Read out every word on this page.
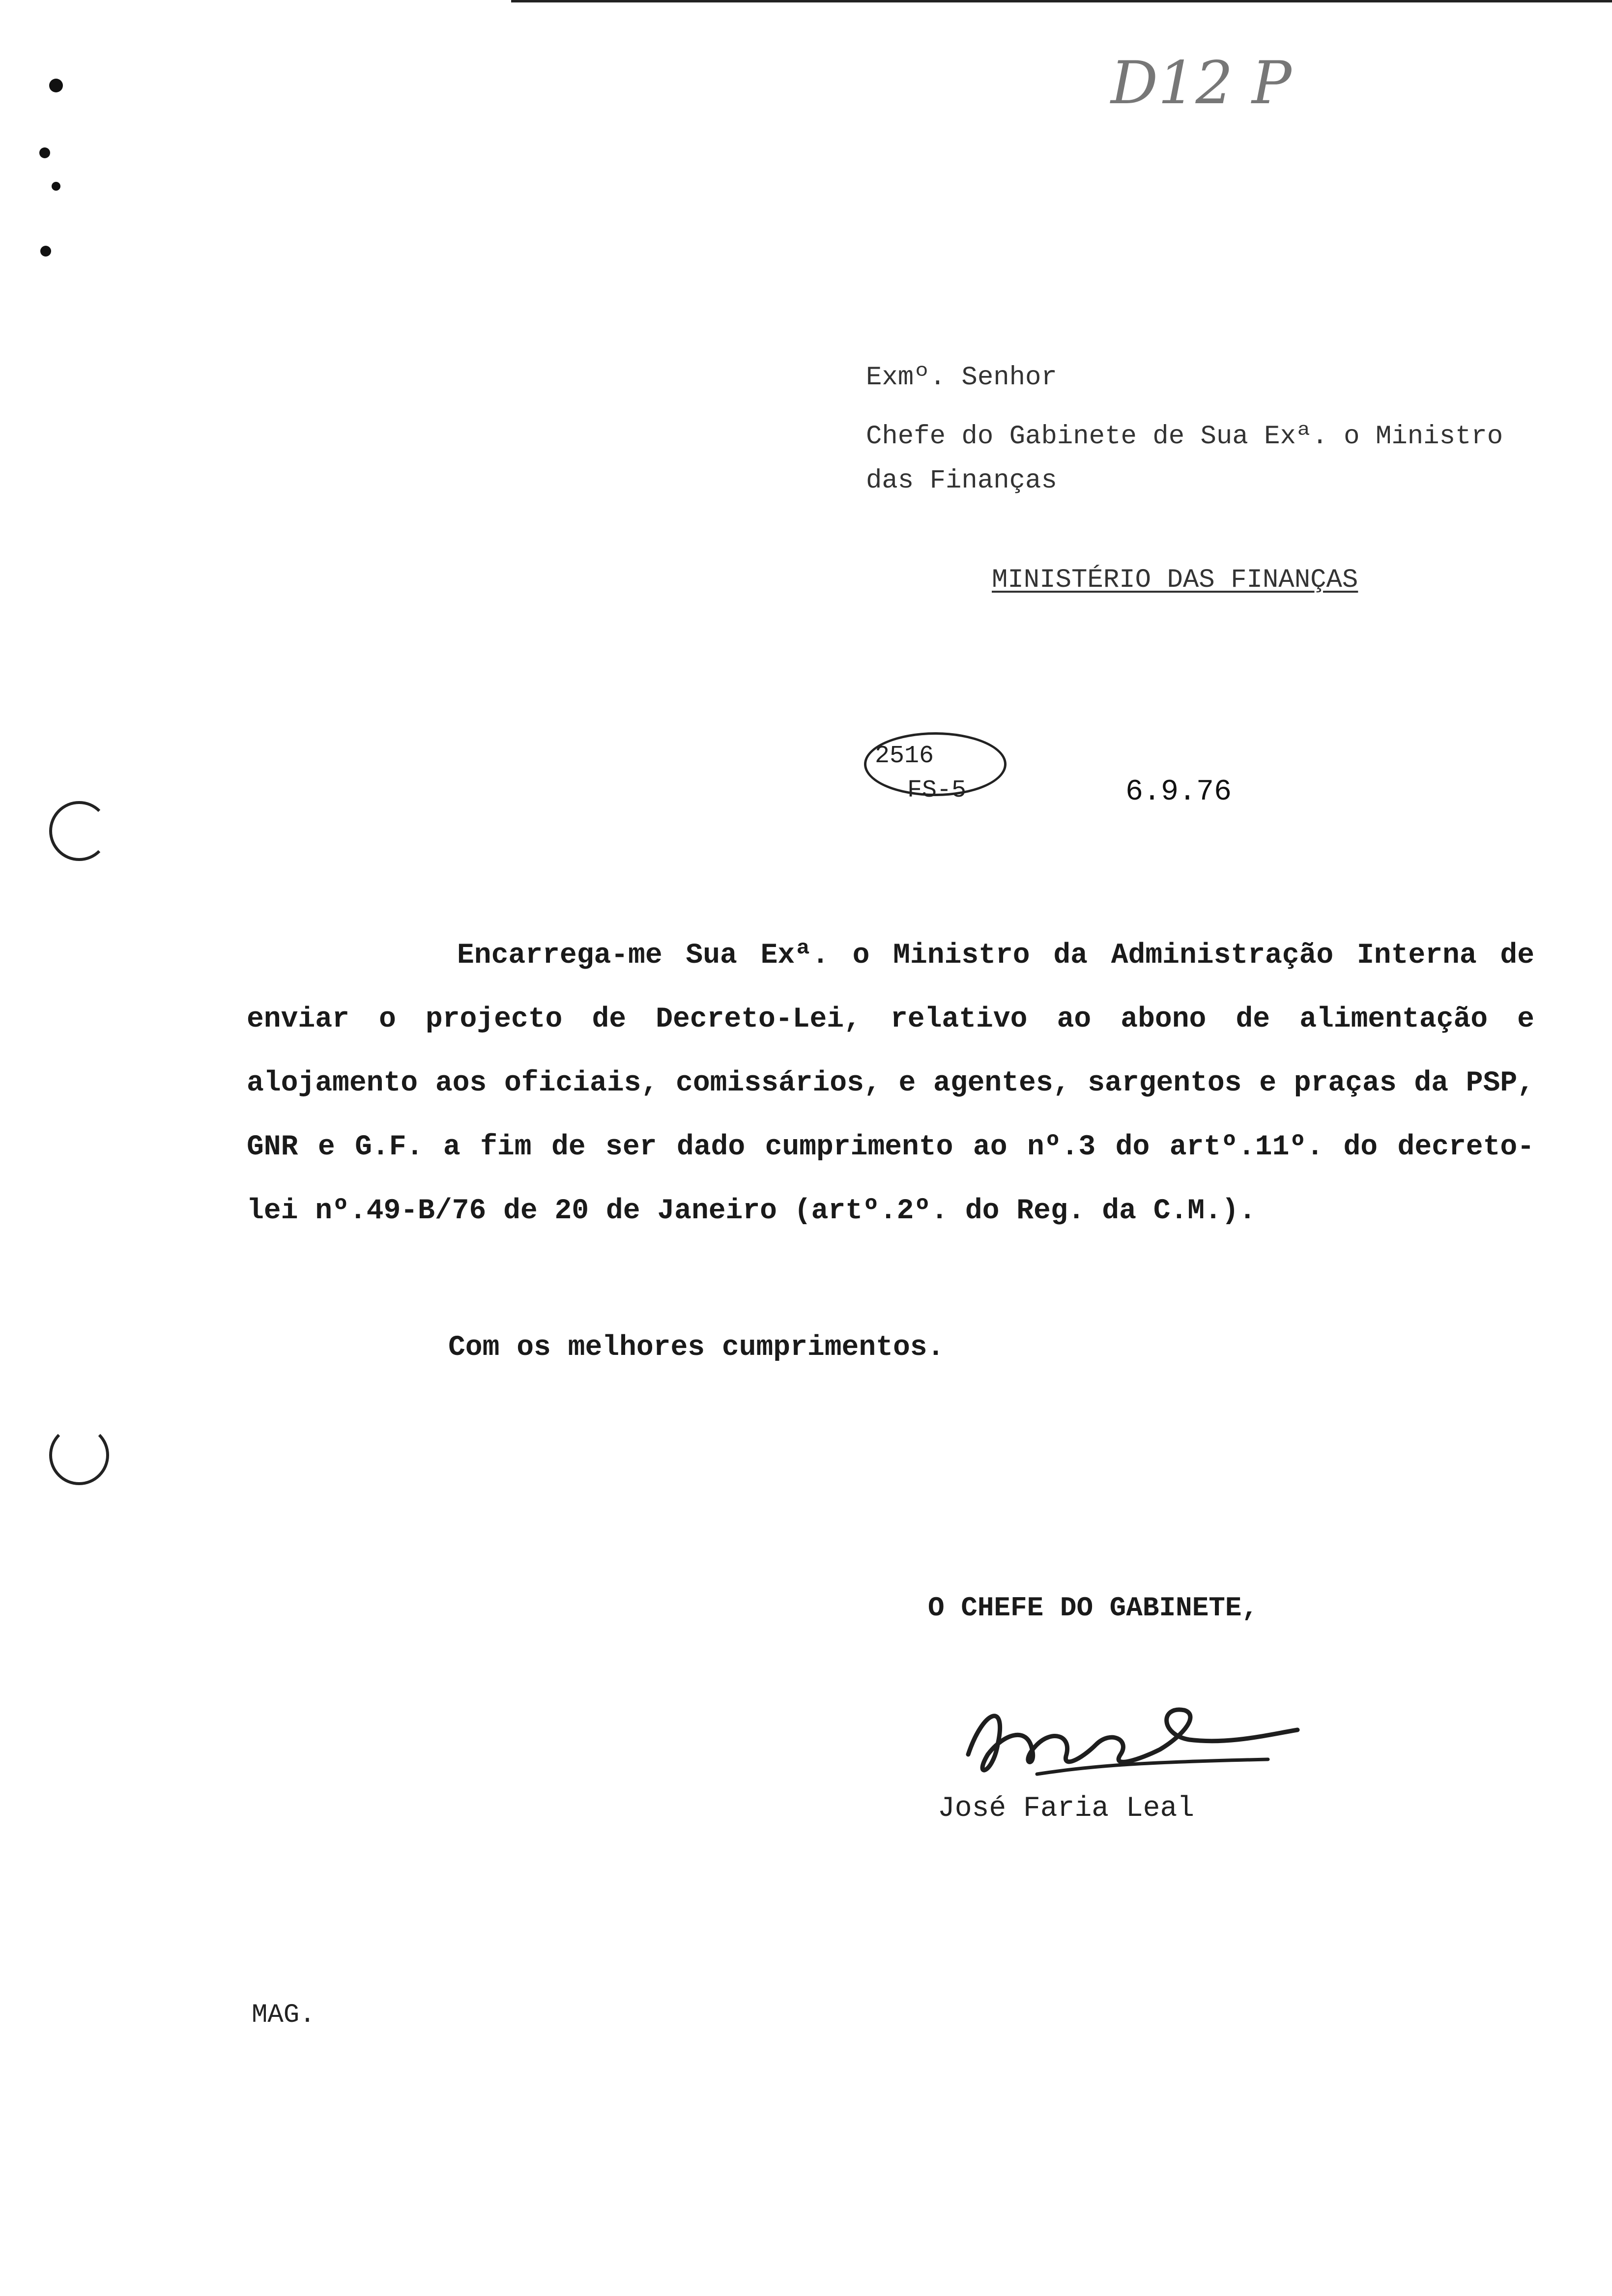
D12 P
Exmº. Senhor
Chefe do Gabinete de Sua Exª. o Ministro
das Finanças
MINISTÉRIO DAS FINANÇAS
2516
FS-5	6.9.76

Encarrega-me Sua Exª. o Ministro da Administração Interna de enviar o projecto de Decreto-Lei, relativo ao abono de alimentação e alojamento aos oficiais, comissários, e agentes, sargentos e praças da PSP, GNR e G.F. a fim de ser dado cumprimento ao nº.3 do artº.11º. do decreto-lei nº.49-B/76 de 20 de Janeiro (artº.2º. do Reg. da C.M.).

Com os melhores cumprimentos.
O CHEFE DO GABINETE,
José Faria Leal
MAG.
